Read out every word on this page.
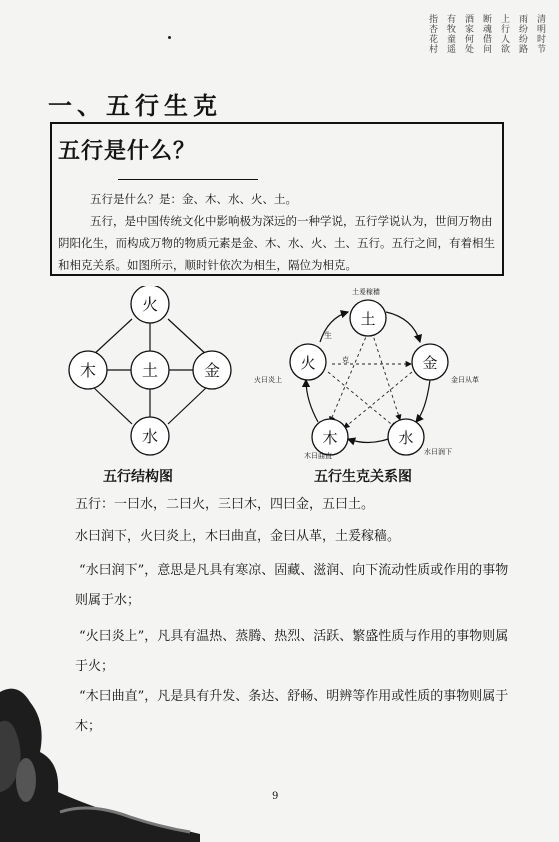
清明时节
雨纷纷路
上行人欲
断魂借问
酒家何处
有牧童遥
指杏花村
一、五行生克
五行是什么？

五行是什么？是：金、木、水、火、土。

五行，是中国传统文化中影响极为深远的一种学说，五行学说认为，世间万物由阴阳化生，而构成万物的物质元素是金、木、水、火、土、五行。五行之间，有着相生和相克关系。如图所示，顺时针依次为相生，隔位为相克。

火
木	土	金
水

五行结构图

土
金
水
木
火
土爰稼穑
金曰从革
水曰润下
木曰曲直
火曰炎上
生
克

五行生克关系图

五行：一曰水，二曰火，三曰木，四曰金，五曰土。

水曰润下，火曰炎上，木曰曲直，金曰从革，土爰稼穑。

“水曰润下”，意思是凡具有寒凉、固藏、滋润、向下流动性质或作用的事物则属于水；

“火曰炎上”，凡具有温热、蒸腾、热烈、活跃、繁盛性质与作用的事物则属于火；

“木曰曲直”，凡是具有升发、条达、舒畅、明辨等作用或性质的事物则属于木；

9
